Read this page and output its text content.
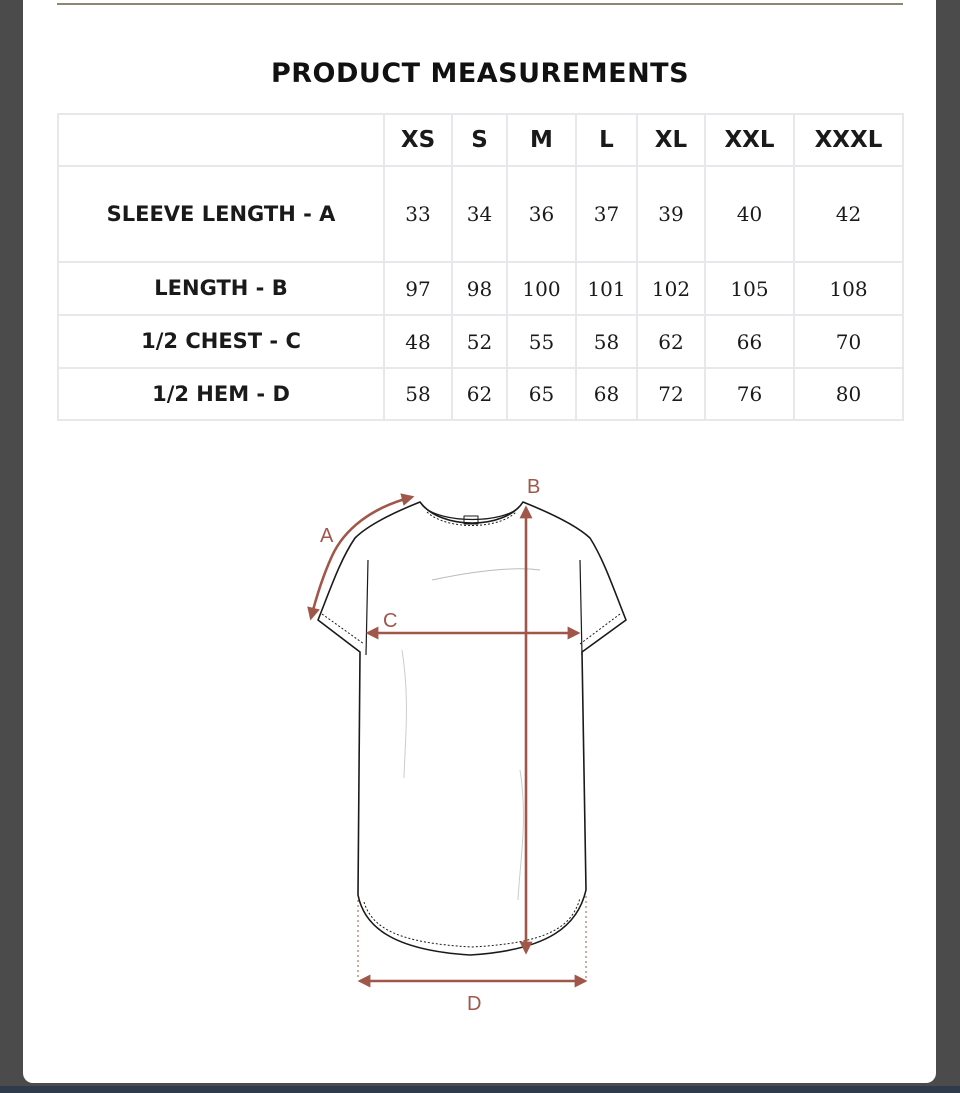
PRODUCT MEASUREMENTS
	XS	S	M	L	XL	XXL	XXXL
SLEEVE LENGTH - A	33	34	36	37	39	40	42
LENGTH - B	97	98	100	101	102	105	108
1/2 CHEST - C	48	52	55	58	62	66	70
1/2 HEM - D	58	62	65	68	72	76	80
A
B
C
D
